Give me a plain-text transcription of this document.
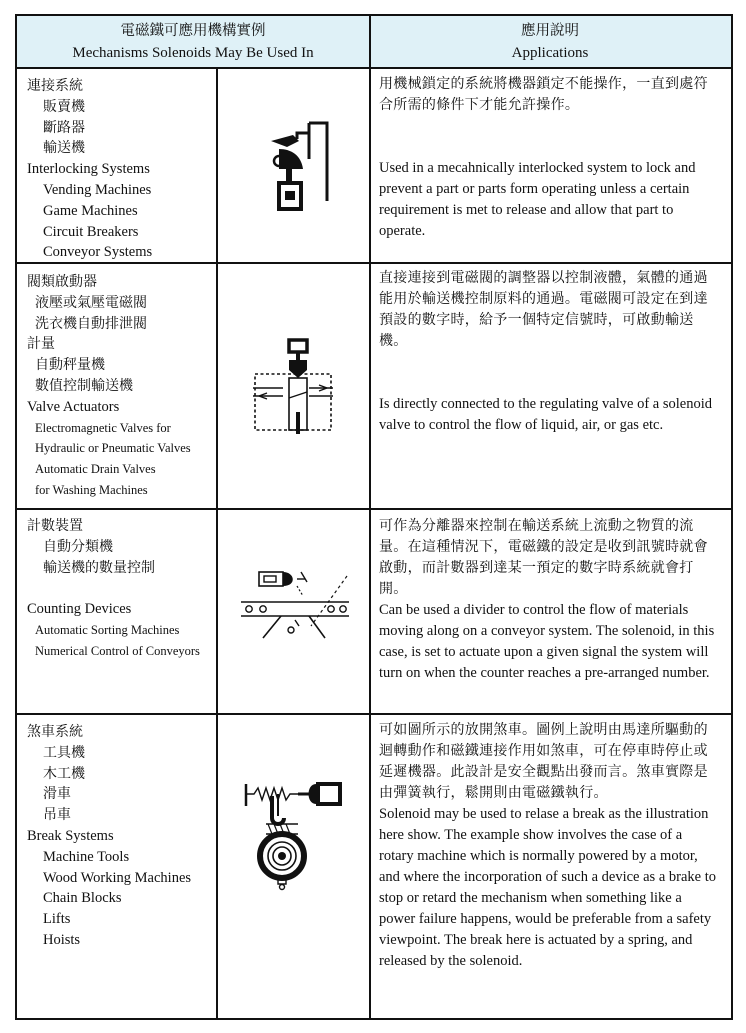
電磁鐵可應用機構實例
Mechanisms Solenoids May Be Used In
應用說明
Applications
連接系統
販賣機
斷路器
輸送機
Interlocking Systems
Vending Machines
Game Machines
Circuit Breakers
Conveyor Systems
用機械鎖定的系統將機器鎖定不能操作，一直到處符合所需的條件下才能允許操作。
Used in a mecahnically interlocked system to lock and prevent a part or parts form operating unless a certain requirement is met to release and allow that part to operate.
閥類啟動器
液壓或氣壓電磁閥
洗衣機自動排泄閥
計量
自動秤量機
數值控制輸送機
Valve Actuators
Electromagnetic Valves for
Hydraulic or Pneumatic Valves
Automatic Drain Valves
for Washing Machines
直接連接到電磁閥的調整器以控制液體，氣體的通過能用於輸送機控制原料的通過。電磁閥可設定在到達預設的數字時，給予一個特定信號時，可啟動輸送機。
Is directly connected to the regulating valve of a solenoid valve to control the flow of liquid, air, or gas etc.
計數裝置
自動分類機
輸送機的數量控制

Counting Devices
Automatic Sorting Machines
Numerical Control of Conveyors
可作為分離器來控制在輸送系統上流動之物質的流量。在這種情況下，電磁鐵的設定是收到訊號時就會啟動，而計數器到達某一預定的數字時系統就會打開。
Can be used a divider to control the flow of materials moving along on a conveyor system. The solenoid, in this case, is set to actuate upon a given signal the system will turn on when the counter reaches a pre-arranged number.
煞車系統
工具機
木工機
滑車
吊車
Break Systems
Machine Tools
Wood Working Machines
Chain Blocks
Lifts
Hoists
可如圖所示的放開煞車。圖例上說明由馬達所驅動的迴轉動作和磁鐵連接作用如煞車，可在停車時停止或延遲機器。此設計是安全觀點出發而言。煞車實際是由彈簧執行，鬆開則由電磁鐵執行。
Solenoid may be used to relase a break as the illustration here show. The example show involves the case of a rotary machine which is normally powered by a motor, and where the incorporation of such a device as a brake to stop or retard the mechanism when something like a power failure happens, would be preferable from a safety viewpoint. The break here is actuated by a spring, and released by the solenoid.
